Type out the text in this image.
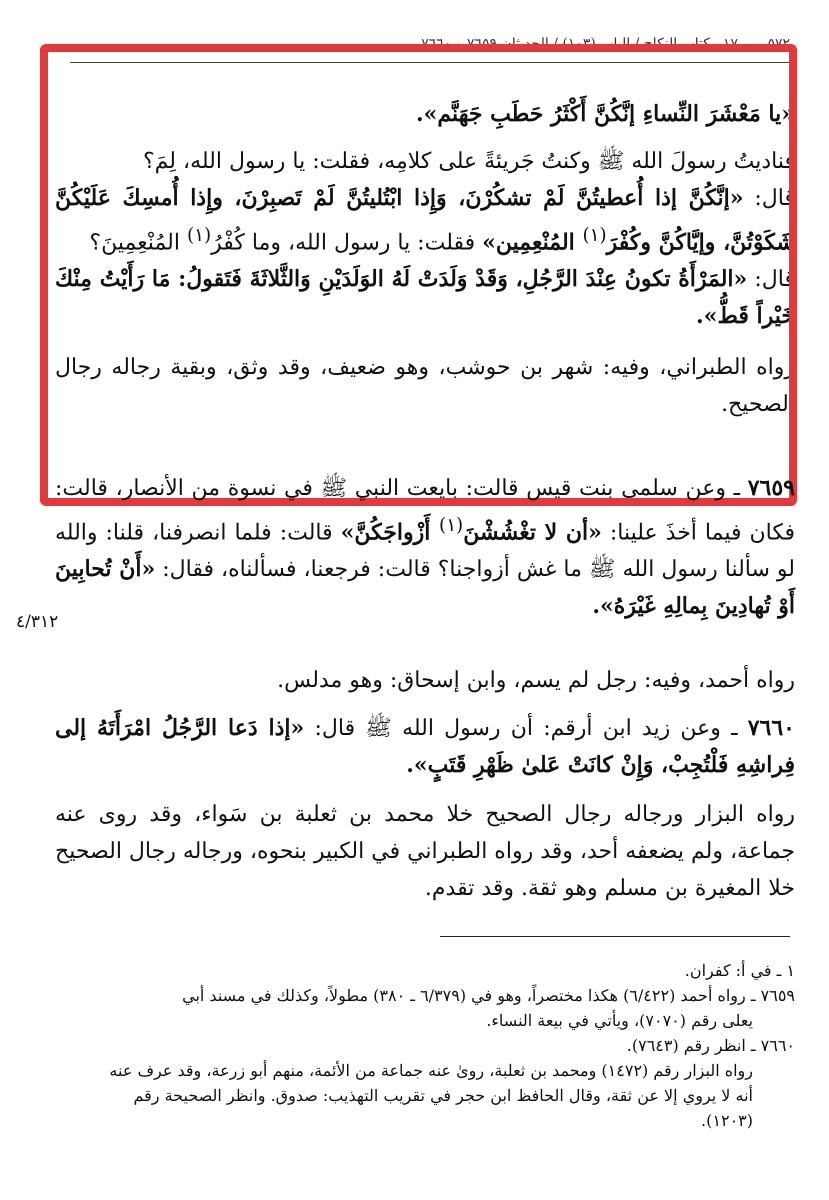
٥٧٢ ـــــ ١٧ ـ كتاب النكاح / الباب (١٠٣) / الحديثان ٧٦٥٩ و ٧٦٦٠

«يا مَعْشَرَ النِّساءِ إنَّكُنَّ أَكْثَرُ حَطَبِ جَهَنَّم».

فناديتُ رسولَ الله ﷺ وكنتُ جَريئةً على كلامِه، فقلت: يا رسول الله، لِمَ؟
قال: «إنَّكُنَّ إذا أُعطيتُنَّ لَمْ تشكُرْنَ، وَإِذا ابْتُليتُنَّ لَمْ تَصبِرْنَ، وإِذا أُمسِكَ عَلَيْكُنَّ شَكَوْتُنَّ، وإيَّاكُنَّ وكُفْرَ$^{(١)}$ المُنْعِمِين» فقلت: يا رسول الله، وما كُفْرُ$^{(١)}$ المُنْعِمِينَ؟
قال: «المَرْأَةُ تكونُ عِنْدَ الرَّجُلِ، وَقَدْ وَلَدَتْ لَهُ الوَلَدَيْنِ وَالثَّلاثَةَ فَتَقولُ: مَا رَأَيْتُ مِنْكَ خَيْراً قَطُّ».

رواه الطبراني، وفيه: شهر بن حوشب، وهو ضعيف، وقد وثق، وبقية رجاله رجال الصحيح.

٧٦٥٩ ـ وعن سلمى بنت قيس قالت: بايعت النبي ﷺ في نسوة من الأنصار، قالت: فكان فيما أخذَ علينا: «أن لا تغْشُشْنَ$^{(١)}$ أَزْواجَكُنَّ» قالت: فلما انصرفنا، قلنا: والله لو سألنا رسول الله ﷺ ما غش أزواجنا؟ قالت: فرجعنا، فسألناه، فقال: «أَنْ تُحابِينَ أَوْ تُهادِينَ بِمالِهِ غَيْرَهُ».

٤/٣١٢

رواه أحمد، وفيه: رجل لم يسم، وابن إسحاق: وهو مدلس.

٧٦٦٠ ـ وعن زيد ابن أرقم: أن رسول الله ﷺ قال: «إذا دَعا الرَّجُلُ امْرَأَتَهُ إلى فِراشِهِ فَلْتُجِبْ، وَإِنْ كانَتْ عَلىٰ ظَهْرِ قَتَبٍ».

رواه البزار ورجاله رجال الصحيح خلا محمد بن ثعلبة بن سَواء، وقد روى عنه جماعة، ولم يضعفه أحد، وقد رواه الطبراني في الكبير بنحوه، ورجاله رجال الصحيح خلا المغيرة بن مسلم وهو ثقة. وقد تقدم.

١ ـ في أ: كفران.

٧٦٥٩ ـ رواه أحمد (٦/٤٢٢) هكذا مختصراً، وهو في (٦/٣٧٩ ـ ٣٨٠) مطولاً، وكذلك في مسند أبي

يعلى رقم (٧٠٧٠)، ويأتي في بيعة النساء.

٧٦٦٠ ـ انظر رقم (٧٦٤٣).

رواه البزار رقم (١٤٧٢) ومحمد بن ثعلبة، روىٰ عنه جماعة من الأئمة، منهم أبو زرعة، وقد عرف عنه

أنه لا يروي إلا عن ثقة، وقال الحافظ ابن حجر في تقريب التهذيب: صدوق. وانظر الصحيحة رقم

(١٢٠٣).
